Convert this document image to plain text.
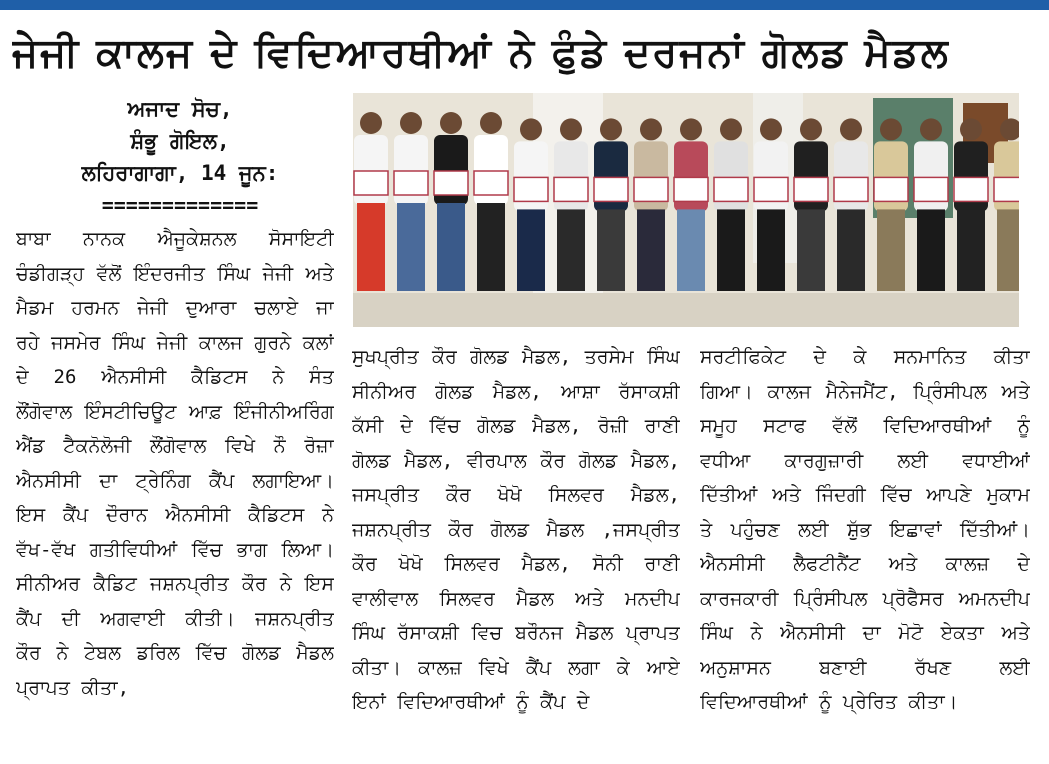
ਜੇਜੀ ਕਾਲਜ ਦੇ ਵਿਦਿਆਰਥੀਆਂ ਨੇ ਫੁੰਡੇ ਦਰਜਨਾਂ ਗੋਲਡ ਮੈਡਲ
ਅਜਾਦ ਸੋਚ,
ਸ਼ੰਭੂ ਗੋਇਲ,
ਲਹਿਰਾਗਾਗਾ, 14 ਜੂਨ:
=============
ਬਾਬਾ ਨਾਨਕ ਐਜੂਕੇਸ਼ਨਲ ਸੋਸਾਇਟੀ ਚੰਡੀਗੜ੍ਹ ਵੱਲੋਂ ਇੰਦਰਜੀਤ ਸਿੰਘ ਜੇਜੀ ਅਤੇ ਮੈਡਮ ਹਰਮਨ ਜੇਜੀ ਦੁਆਰਾ ਚਲਾਏ ਜਾ ਰਹੇ ਜਸਮੇਰ ਸਿੰਘ ਜੇਜੀ ਕਾਲਜ ਗੁਰਨੇ ਕਲਾਂ ਦੇ 26 ਐਨਸੀਸੀ ਕੈਡਿਟਸ ਨੇ ਸੰਤ ਲੌਂਗੋਵਾਲ ਇੰਸਟੀਚਿਊਟ ਆਫ਼ ਇੰਜੀਨੀਅਰਿੰਗ ਐਂਡ ਟੈਕਨੋਲੋਜੀ ਲੌਂਗੋਵਾਲ ਵਿਖੇ ਨੌ ਰੋਜ਼ਾ ਐਨਸੀਸੀ ਦਾ ਟ੍ਰੇਨਿੰਗ ਕੈਂਪ ਲਗਾਇਆ। ਇਸ ਕੈਂਪ ਦੌਰਾਨ ਐਨਸੀਸੀ ਕੈਡਿਟਸ ਨੇ ਵੱਖ-ਵੱਖ ਗਤੀਵਿਧੀਆਂ ਵਿੱਚ ਭਾਗ ਲਿਆ। ਸੀਨੀਅਰ ਕੈਡਿਟ ਜਸ਼ਨਪ੍ਰੀਤ ਕੌਰ ਨੇ ਇਸ ਕੈਂਪ ਦੀ ਅਗਵਾਈ ਕੀਤੀ। ਜਸ਼ਨਪ੍ਰੀਤ ਕੌਰ ਨੇ ਟੇਬਲ ਡਰਿਲ ਵਿੱਚ ਗੋਲਡ ਮੈਡਲ ਪ੍ਰਾਪਤ ਕੀਤਾ,
ਸੁਖਪ੍ਰੀਤ ਕੌਰ ਗੋਲਡ ਮੈਡਲ, ਤਰਸੇਮ ਸਿੰਘ ਸੀਨੀਅਰ ਗੋਲਡ ਮੈਡਲ, ਆਸ਼ਾ ਰੱਸਾਕਸ਼ੀ ਕੱਸੀ ਦੇ ਵਿੱਚ ਗੋਲਡ ਮੈਡਲ, ਰੋਜ਼ੀ ਰਾਣੀ ਗੋਲਡ ਮੈਡਲ, ਵੀਰਪਾਲ ਕੌਰ ਗੋਲਡ ਮੈਡਲ, ਜਸਪ੍ਰੀਤ ਕੌਰ ਖੋਖੋ ਸਿਲਵਰ ਮੈਡਲ, ਜਸ਼ਨਪ੍ਰੀਤ ਕੌਰ ਗੋਲਡ ਮੈਡਲ ,ਜਸਪ੍ਰੀਤ ਕੌਰ ਖੋਖੋ ਸਿਲਵਰ ਮੈਡਲ, ਸੋਨੀ ਰਾਣੀ ਵਾਲੀਵਾਲ ਸਿਲਵਰ ਮੈਡਲ ਅਤੇ ਮਨਦੀਪ ਸਿੰਘ ਰੱਸਾਕਸ਼ੀ ਵਿਚ ਬਰੌਨਜ ਮੈਡਲ ਪ੍ਰਾਪਤ ਕੀਤਾ। ਕਾਲਜ਼ ਵਿਖੇ ਕੈਂਪ ਲਗਾ ਕੇ ਆਏ ਇਨਾਂ ਵਿਦਿਆਰਥੀਆਂ ਨੂੰ ਕੈਂਪ ਦੇ
ਸਰਟੀਫਿਕੇਟ ਦੇ ਕੇ ਸਨਮਾਨਿਤ ਕੀਤਾ ਗਿਆ। ਕਾਲਜ ਮੈਨੇਜਮੈਂਟ, ਪ੍ਰਿੰਸੀਪਲ ਅਤੇ ਸਮੂਹ ਸਟਾਫ ਵੱਲੋਂ ਵਿਦਿਆਰਥੀਆਂ ਨੂੰ ਵਧੀਆ ਕਾਰਗੁਜ਼ਾਰੀ ਲਈ ਵਧਾਈਆਂ ਦਿੱਤੀਆਂ ਅਤੇ ਜਿੰਦਗੀ ਵਿੱਚ ਆਪਣੇ ਮੁਕਾਮ ਤੇ ਪਹੁੰਚਣ ਲਈ ਸ਼ੁੱਭ ਇਛਾਵਾਂ ਦਿੱਤੀਆਂ। ਐਨਸੀਸੀ ਲੈਫਟੀਨੈਂਟ ਅਤੇ ਕਾਲਜ਼ ਦੇ ਕਾਰਜਕਾਰੀ ਪ੍ਰਿੰਸੀਪਲ ਪ੍ਰੋਫੈਸਰ ਅਮਨਦੀਪ ਸਿੰਘ ਨੇ ਐਨਸੀਸੀ ਦਾ ਮੋਟੋ ਏਕਤਾ ਅਤੇ ਅਨੁਸ਼ਾਸਨ ਬਣਾਈ ਰੱਖਣ ਲਈ ਵਿਦਿਆਰਥੀਆਂ ਨੂੰ ਪ੍ਰੇਰਿਤ ਕੀਤਾ।
